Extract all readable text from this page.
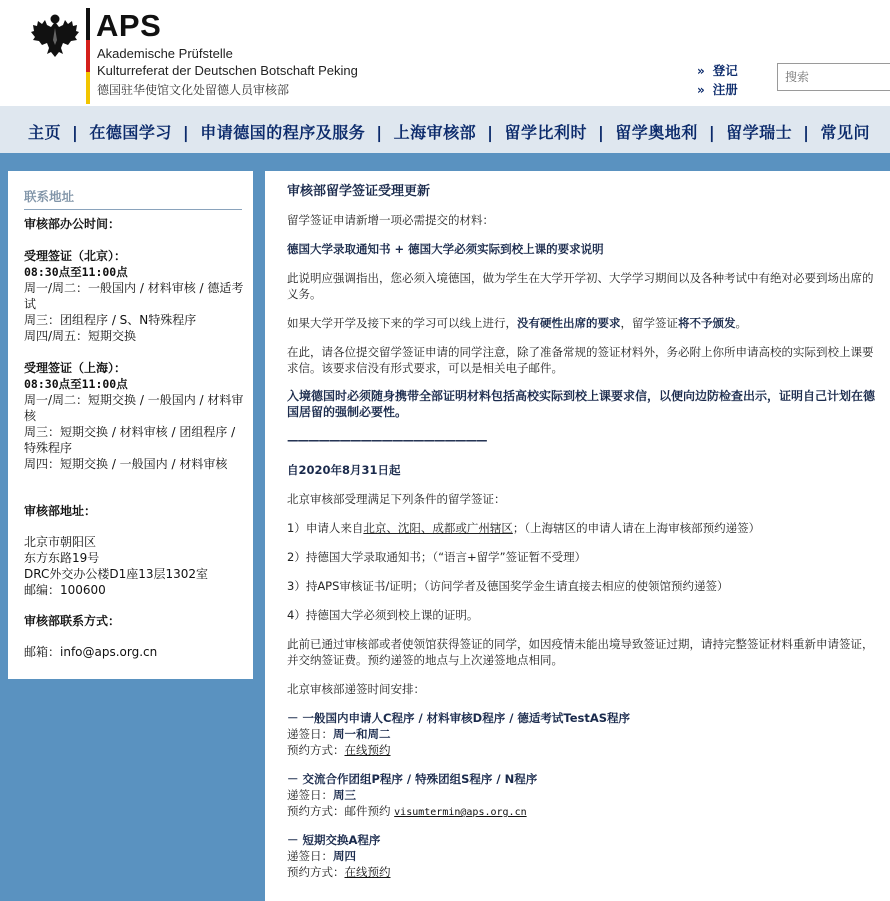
APS
Akademische Prüfstelle
Kulturreferat der Deutschen Botschaft Peking
德国驻华使馆文化处留德人员审核部
» 登记
» 注册
搜索
主页 | 在德国学习 | 申请德国的程序及服务 | 上海审核部 | 留学比利时 | 留学奥地利 | 留学瑞士 | 常见问
联系地址
审核部办公时间：
受理签证（北京）：
08:30点至11:00点
周一/周二：一般国内 / 材料审核 / 德适考试
周三：团组程序 / S、N特殊程序
周四/周五：短期交换
受理签证（上海）：
08:30点至11:00点
周一/周二：短期交换 / 一般国内 / 材料审核
周三：短期交换 / 材料审核 / 团组程序 / 特殊程序
周四：短期交换 / 一般国内 / 材料审核
审核部地址：
北京市朝阳区
东方东路19号
DRC外交办公楼D1座13层1302室
邮编：100600
审核部联系方式：
邮箱：info@aps.org.cn
审核部留学签证受理更新
留学签证申请新增一项必需提交的材料：
德国大学录取通知书 + 德国大学必须实际到校上课的要求说明
此说明应强调指出，您必须入境德国，做为学生在大学开学初、大学学习期间以及各种考试中有绝对必要到场出席的义务。
如果大学开学及接下来的学习可以线上进行，没有硬性出席的要求，留学签证将不予颁发。
在此，请各位提交留学签证申请的同学注意，除了准备常规的签证材料外，务必附上你所申请高校的实际到校上课要求信。该要求信没有形式要求，可以是相关电子邮件。
入境德国时必须随身携带全部证明材料包括高校实际到校上课要求信，以便向边防检查出示，证明自己计划在德国居留的强制必要性。
———————————————————
自2020年8月31日起
北京审核部受理满足下列条件的留学签证：
1）申请人来自北京、沈阳、成都或广州辖区；（上海辖区的申请人请在上海审核部预约递签）
2）持德国大学录取通知书；（“语言+留学”签证暂不受理）
3）持APS审核证书/证明；（访问学者及德国奖学金生请直接去相应的使领馆预约递签）
4）持德国大学必须到校上课的证明。
此前已通过审核部或者使领馆获得签证的同学，如因疫情未能出境导致签证过期，请持完整签证材料重新申请签证，并交纳签证费。预约递签的地点与上次递签地点相同。
北京审核部递签时间安排：
－ 一般国内申请人C程序 / 材料审核D程序 / 德适考试TestAS程序
递签日：周一和周二
预约方式：在线预约
－ 交流合作团组P程序 / 特殊团组S程序 / N程序
递签日：周三
预约方式：邮件预约 visumtermin@aps.org.cn
－ 短期交换A程序
递签日：周四
预约方式：在线预约
